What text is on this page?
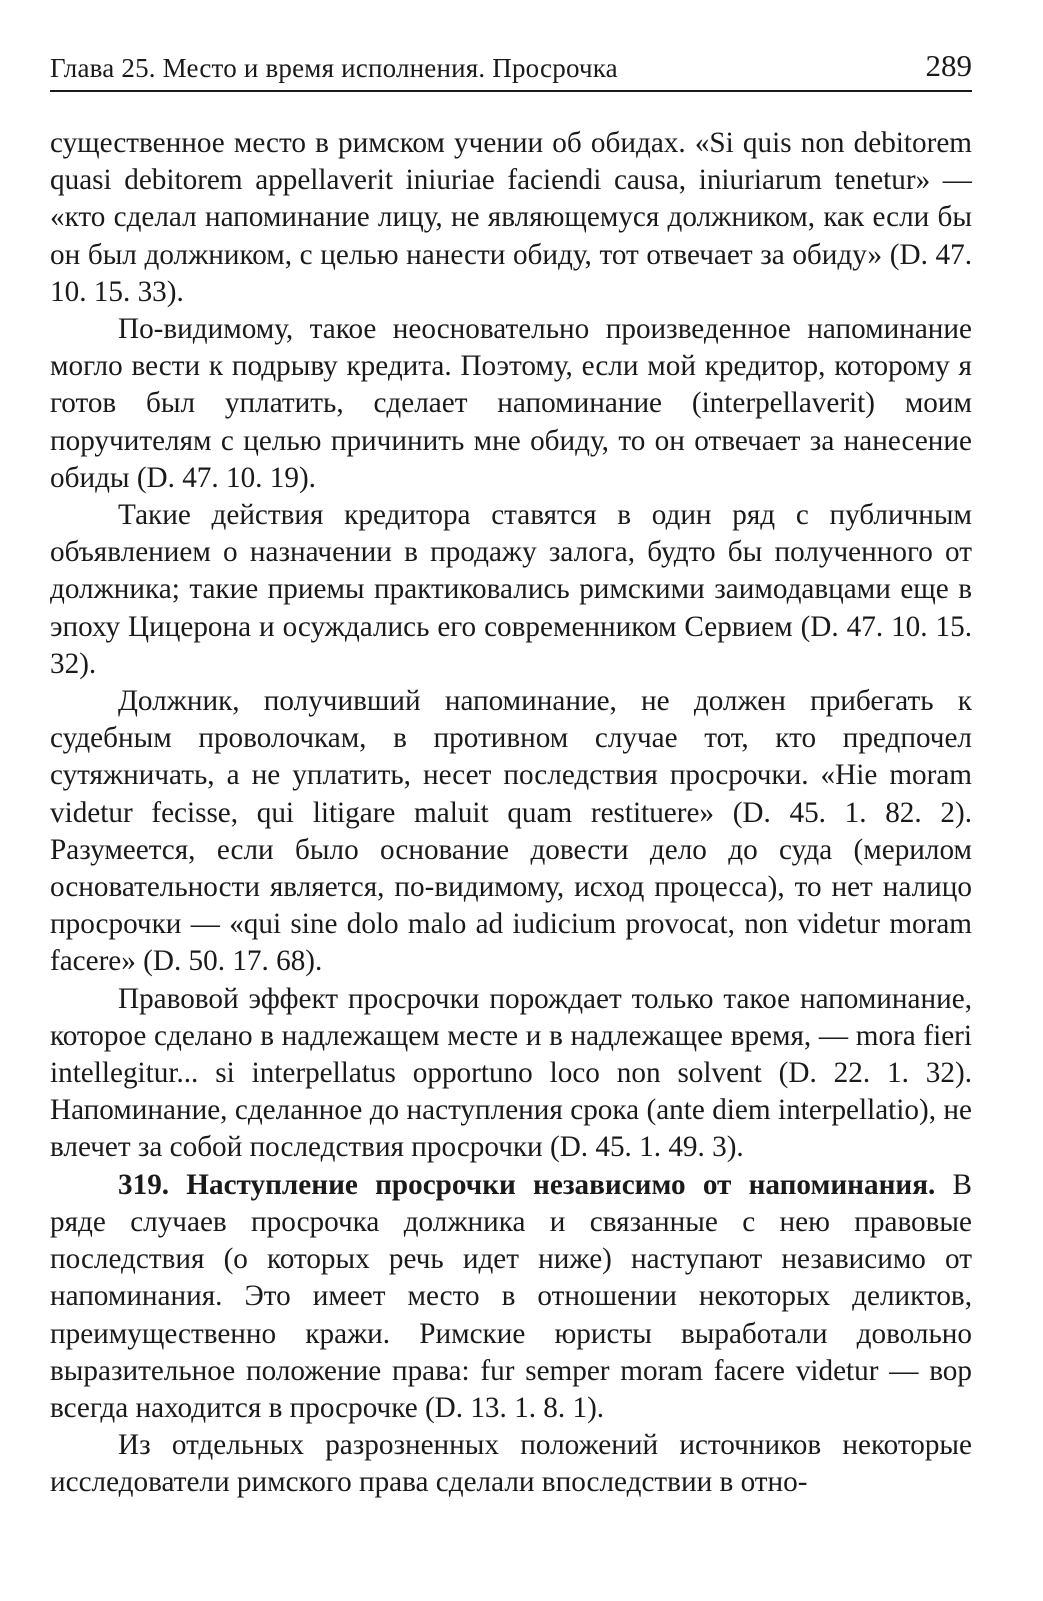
Глава 25. Место и время исполнения. Просрочка	289

существенное место в римском учении об обидах. «Si quis non debitorem quasi debitorem appellaverit iniuriae faciendi causa, iniuriarum tenetur» — «кто сделал напоминание лицу, не являющемуся должником, как если бы он был должником, с целью нанести обиду, тот отвечает за обиду» (D. 47. 10. 15. 33).

По-видимому, такое неосновательно произведенное напоминание могло вести к подрыву кредита. Поэтому, если мой кредитор, которому я готов был уплатить, сделает напоминание (interpellaverit) моим поручителям с целью причинить мне обиду, то он отвечает за нанесение обиды (D. 47. 10. 19).

Такие действия кредитора ставятся в один ряд с публичным объявлением о назначении в продажу залога, будто бы полученного от должника; такие приемы практиковались римскими заимодавцами еще в эпоху Цицерона и осуждались его современником Сервием (D. 47. 10. 15. 32).

Должник, получивший напоминание, не должен прибегать к судебным проволочкам, в противном случае тот, кто предпочел сутяжничать, а не уплатить, несет последствия просрочки. «Hie moram videtur fecisse, qui litigare maluit quam restituere» (D. 45. 1. 82. 2). Разумеется, если было основание довести дело до суда (мерилом основательности является, по-видимому, исход процесса), то нет налицо просрочки — «qui sine dolo malo ad iudicium provocat, non videtur moram facere» (D. 50. 17. 68).

Правовой эффект просрочки порождает только такое напоминание, которое сделано в надлежащем месте и в надлежащее время, — mora fieri intellegitur... si interpellatus opportuno loco non solvent (D. 22. 1. 32). Напоминание, сделанное до наступления срока (ante diem interpellatio), не влечет за собой последствия просрочки (D. 45. 1. 49. 3).

319. Наступление просрочки независимо от напоминания. В ряде случаев просрочка должника и связанные с нею правовые последствия (о которых речь идет ниже) наступают независимо от напоминания. Это имеет место в отношении некоторых деликтов, преимущественно кражи. Римские юристы выработали довольно выразительное положение права: fur semper moram facere videtur — вор всегда находится в просрочке (D. 13. 1. 8. 1).

Из отдельных разрозненных положений источников некоторые исследователи римского права сделали впоследствии в отно-
